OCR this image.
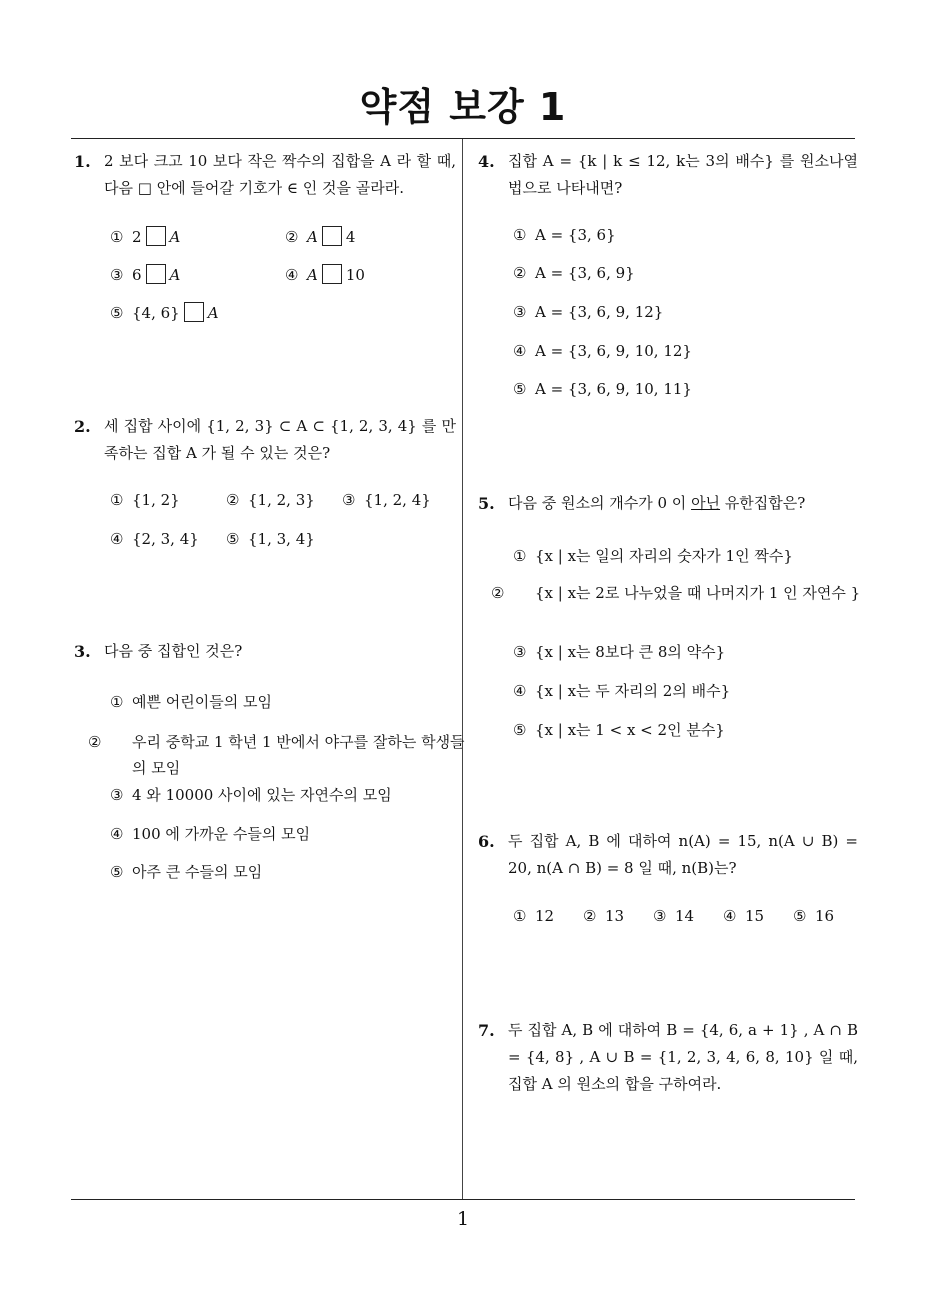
약점 보강 1
1. 2 보다 크고 10 보다 작은 짝수의 집합을 A 라 할 때, 다음 □ 안에 들어갈 기호가 ∈ 인 것을 골라라.
① 2 A	② A 4
③ 6 A	④ A 10
⑤ {4, 6} A
2. 세 집합 사이에 {1, 2, 3} ⊂ A ⊂ {1, 2, 3, 4} 를 만족하는 집합 A 가 될 수 있는 것은?
① {1, 2}	② {1, 2, 3} ③ {1, 2, 4}
④ {2, 3, 4} ⑤ {1, 3, 4}
3. 다음 중 집합인 것은?
① 예쁜 어린이들의 모임
② 우리 중학교 1 학년 1 반에서 야구를 잘하는 학생들의 모임
③ 4 와 10000 사이에 있는 자연수의 모임
④ 100 에 가까운 수들의 모임
⑤ 아주 큰 수들의 모임
4. 집합 A = {k | k ≤ 12, k는 3의 배수} 를 원소나열법으로 나타내면?
① A = {3, 6}
② A = {3, 6, 9}
③ A = {3, 6, 9, 12}
④ A = {3, 6, 9, 10, 12}
⑤ A = {3, 6, 9, 10, 11}
5. 다음 중 원소의 개수가 0 이 아닌 유한집합은?
① {x | x는 일의 자리의 숫자가 1인 짝수}
② {x | x는 2로 나누었을 때 나머지가 1 인 자연수 }
③ {x | x는 8보다 큰 8의 약수}
④ {x | x는 두 자리의 2의 배수}
⑤ {x | x는 1 < x < 2인 분수}
6. 두 집합 A, B 에 대하여 n(A) = 15, n(A ∪ B) = 20, n(A ∩ B) = 8 일 때, n(B)는?
① 12 ② 13 ③ 14 ④ 15 ⑤ 16
7. 두 집합 A, B 에 대하여 B = {4, 6, a + 1} , A ∩ B = {4, 8} , A ∪ B = {1, 2, 3, 4, 6, 8, 10} 일 때, 집합 A 의 원소의 합을 구하여라.
1
